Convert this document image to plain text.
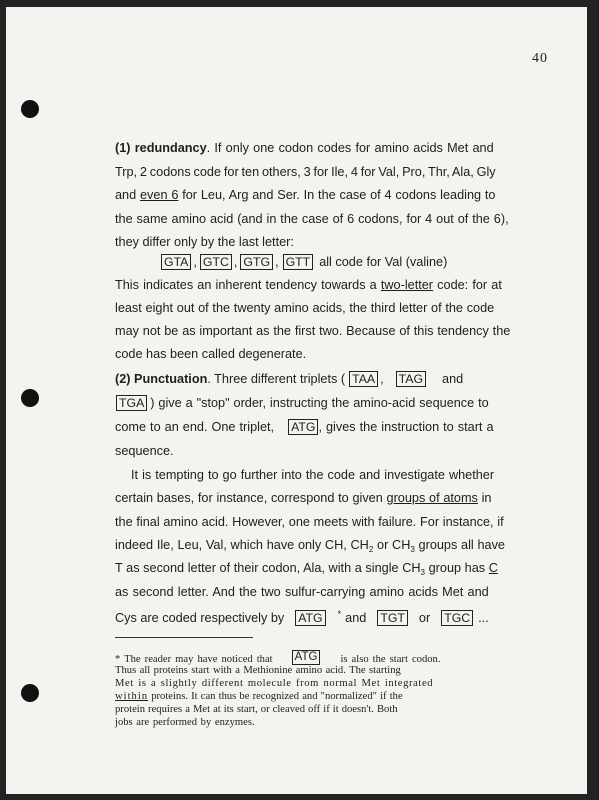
40
(1) redundancy. If only one codon codes for amino acids Met and
Trp, 2 codons code for ten others, 3 for Ile, 4 for Val, Pro, Thr, Ala, Gly
and even 6 for Leu, Arg and Ser. In the case of 4 codons leading to
the same amino acid (and in the case of 6 codons, for 4 out of the 6),
they differ only by the last letter:
GTA , GTC , GTG , GTT all code for Val (valine)
This indicates an inherent tendency towards a two-letter code: for at
least eight out of the twenty amino acids, the third letter of the code
may not be as important as the first two. Because of this tendency the
code has been called degenerate.
(2) Punctuation. Three different triplets ( TAA , TAG and
TGA ) give a "stop" order, instructing the amino-acid sequence to
come to an end. One triplet, ATG , gives the instruction to start a
sequence.
It is tempting to go further into the code and investigate whether
certain bases, for instance, correspond to given groups of atoms in
the final amino acid. However, one meets with failure. For instance, if
indeed Ile, Leu, Val, which have only CH, $CH_2$ or $CH_3$ groups all have
T as second letter of their codon, Ala, with a single $CH_3$ group has C
as second letter. And the two sulfur-carrying amino acids Met and
Cys are coded respectively by ATG * and TGT or TGC ...
* The reader may have noticed that ATG is also the start codon.
Thus all proteins start with a Methionine amino acid. The starting
Met is a slightly different molecule from normal Met integrated
within proteins. It can thus be recognized and "normalized" if the
protein requires a Met at its start, or cleaved off if it doesn't. Both
jobs are performed by enzymes.
